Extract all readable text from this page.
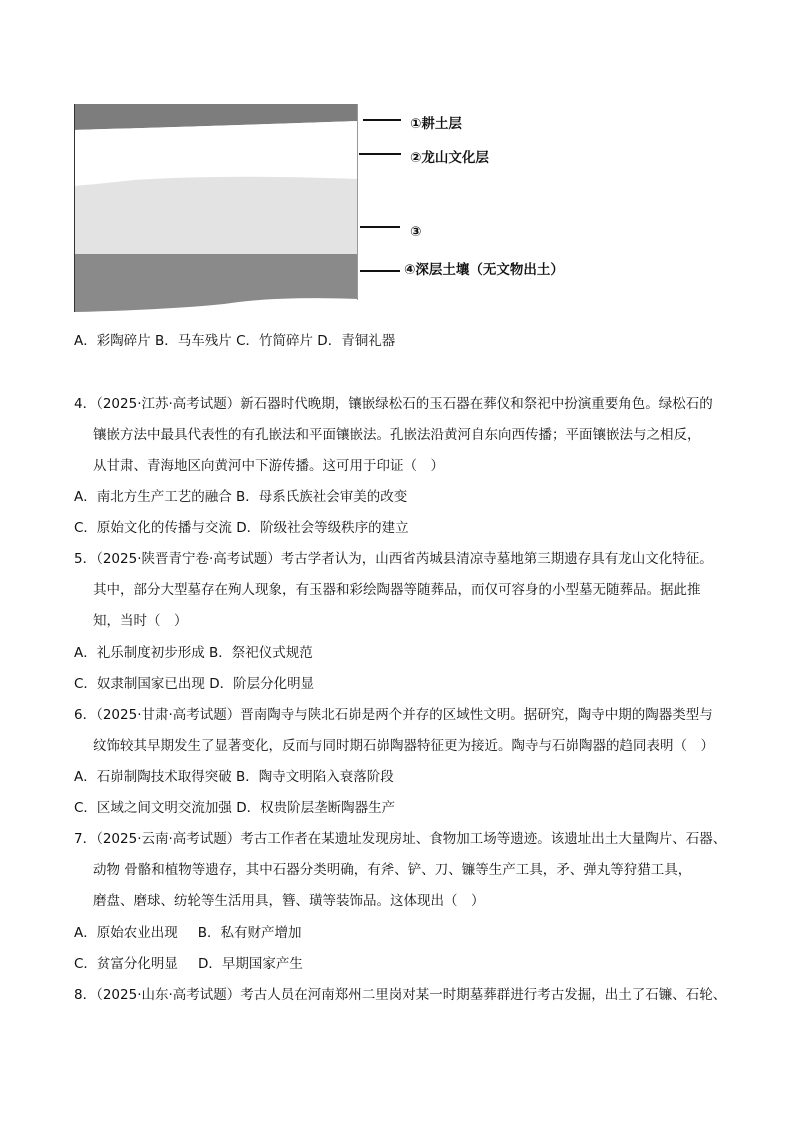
①耕土层
②龙山文化层
③
④深层土壤（无文物出土）
A．彩陶碎片 B．马车残片 C．竹简碎片 D．青铜礼器
4．（2025·江苏·高考试题）新石器时代晚期，镶嵌绿松石的玉石器在葬仪和祭祀中扮演重要角色。绿松石的
镶嵌方法中最具代表性的有孔嵌法和平面镶嵌法。孔嵌法沿黄河自东向西传播；平面镶嵌法与之相反，
从甘肃、青海地区向黄河中下游传播。这可用于印证（　）
A．南北方生产工艺的融合 B．母系氏族社会审美的改变
C．原始文化的传播与交流 D．阶级社会等级秩序的建立
5．（2025·陕晋青宁卷·高考试题）考古学者认为，山西省芮城县清凉寺墓地第三期遗存具有龙山文化特征。
其中，部分大型墓存在殉人现象，有玉器和彩绘陶器等随葬品，而仅可容身的小型墓无随葬品。据此推
知，当时（　）
A．礼乐制度初步形成 B．祭祀仪式规范
C．奴隶制国家已出现 D．阶层分化明显
6．（2025·甘肃·高考试题）晋南陶寺与陕北石峁是两个并存的区域性文明。据研究，陶寺中期的陶器类型与
纹饰较其早期发生了显著变化，反而与同时期石峁陶器特征更为接近。陶寺与石峁陶器的趋同表明（　）
A．石峁制陶技术取得突破 B．陶寺文明陷入衰落阶段
C．区域之间文明交流加强 D．权贵阶层垄断陶器生产
7．（2025·云南·高考试题）考古工作者在某遗址发现房址、食物加工场等遗迹。该遗址出土大量陶片、石器、
动物 骨骼和植物等遗存，其中石器分类明确，有斧、铲、刀、镰等生产工具，矛、弹丸等狩猎工具，
磨盘、磨球、纺轮等生活用具，簪、璜等装饰品。这体现出（　）
A．原始农业出现 B．私有财产增加
C．贫富分化明显 D．早期国家产生
8．（2025·山东·高考试题）考古人员在河南郑州二里岗对某一时期墓葬群进行考古发掘，出土了石镰、石轮、
